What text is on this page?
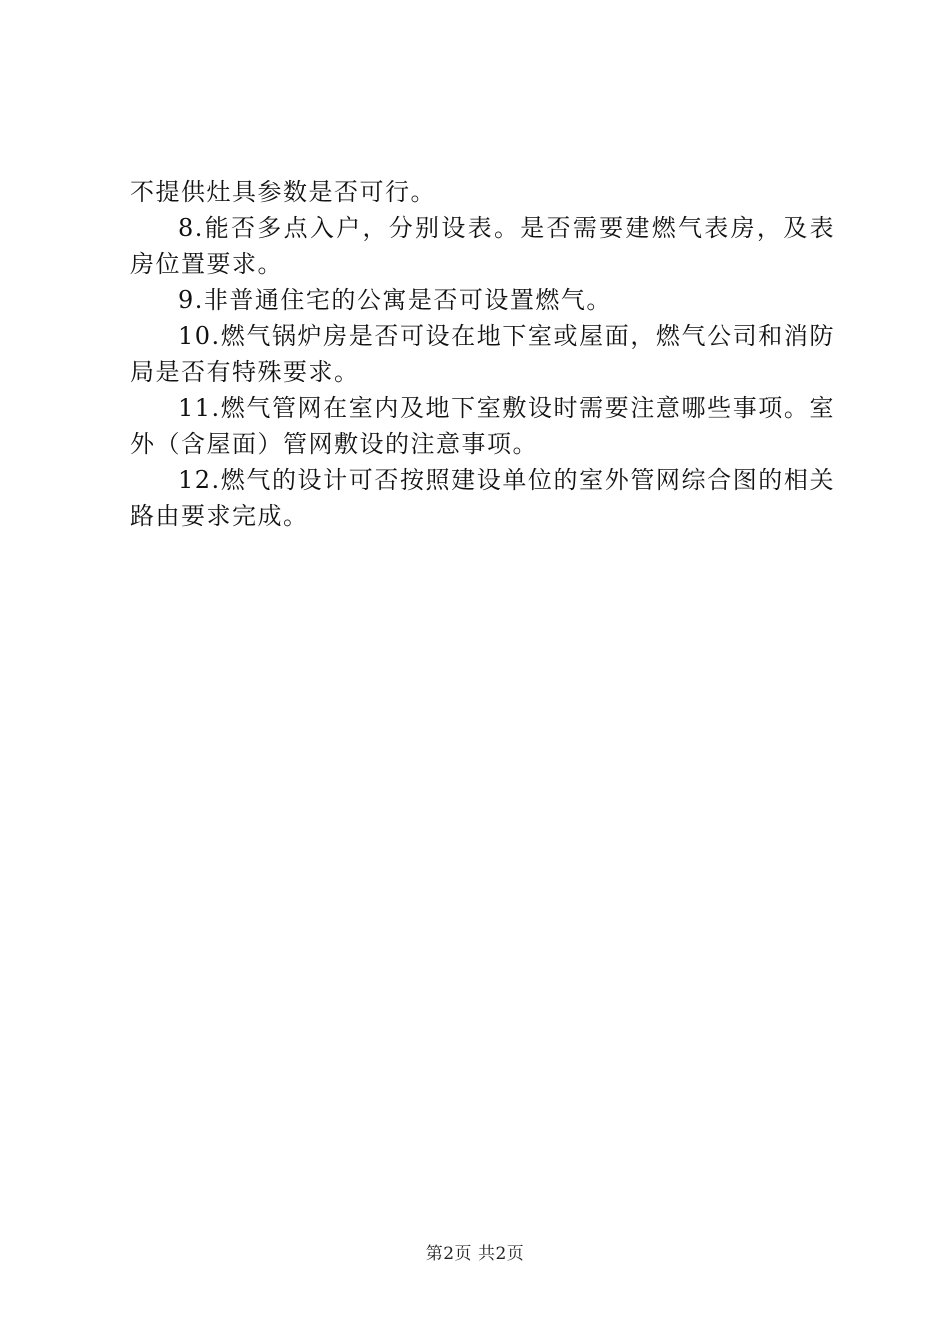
不提供灶具参数是否可行。

8.能否多点入户，分别设表。是否需要建燃气表房，及表房位置要求。

9.非普通住宅的公寓是否可设置燃气。

10.燃气锅炉房是否可设在地下室或屋面，燃气公司和消防局是否有特殊要求。

11.燃气管网在室内及地下室敷设时需要注意哪些事项。室外（含屋面）管网敷设的注意事项。

12.燃气的设计可否按照建设单位的室外管网综合图的相关路由要求完成。

第2页 共2页
